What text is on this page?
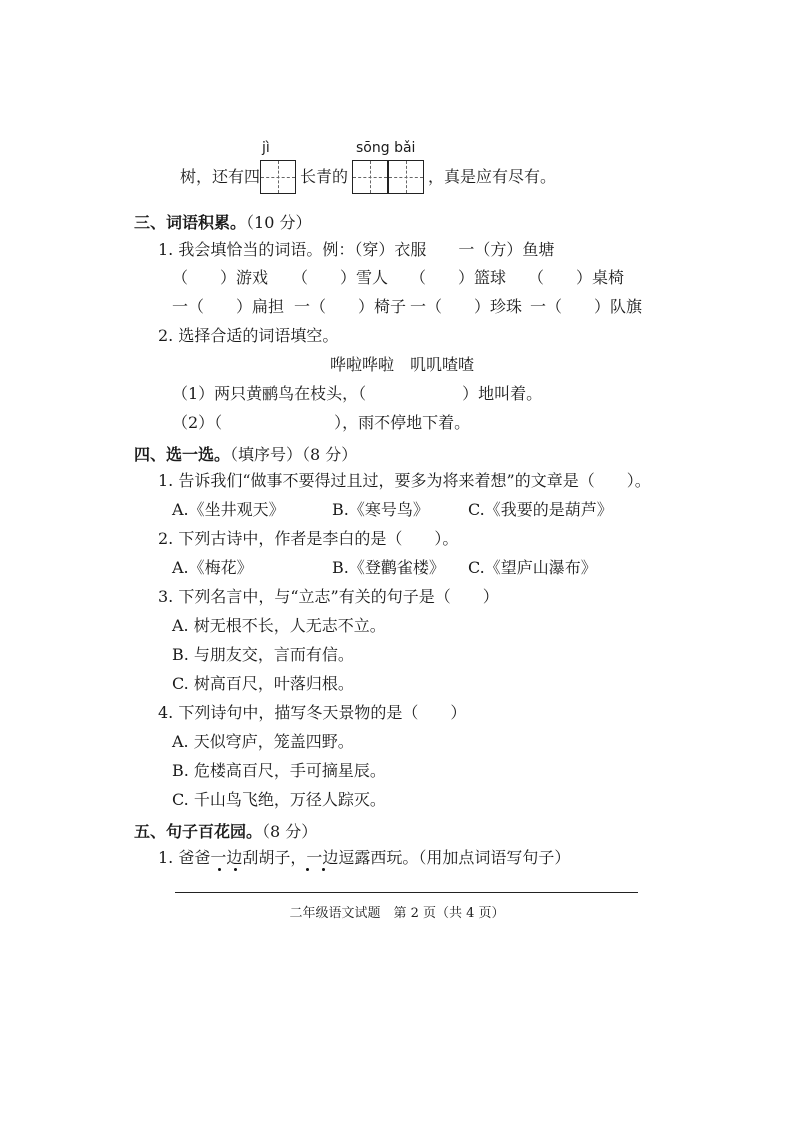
jì	sōng bǎi
树，还有四 长青的	，真是应有尽有。
三、词语积累。（10 分）
1. 我会填恰当的词语。例：（穿）衣服　　一（方）鱼塘
（　　）游戏 （　　）雪人 （　　）篮球 （　　）桌椅
一（　　）扁担 一（　　）椅子 一（　　）珍珠 一（　　）队旗
2. 选择合适的词语填空。
哗啦哗啦　叽叽喳喳
（1）两只黄鹂鸟在枝头，（　　　　　　）地叫着。
（2）（　　　　　　　），雨不停地下着。
四、选一选。（填序号）（8 分）
1. 告诉我们“做事不要得过且过，要多为将来着想”的文章是（　　）。
A.《坐井观天》	B.《寒号鸟》 C.《我要的是葫芦》
2. 下列古诗中，作者是李白的是（　　）。
A.《梅花》	B.《登鹳雀楼》 C.《望庐山瀑布》
3. 下列名言中，与“立志”有关的句子是（　　）
A. 树无根不长，人无志不立。
B. 与朋友交，言而有信。
C. 树高百尺，叶落归根。
4. 下列诗句中，描写冬天景物的是（　　）
A. 天似穹庐，笼盖四野。
B. 危楼高百尺，手可摘星辰。
C. 千山鸟飞绝，万径人踪灭。
五、句子百花园。（8 分）
1. 爸爸一边刮胡子，一边逗露西玩。（用加点词语写句子）
二年级语文试题　第 2 页（共 4 页）
